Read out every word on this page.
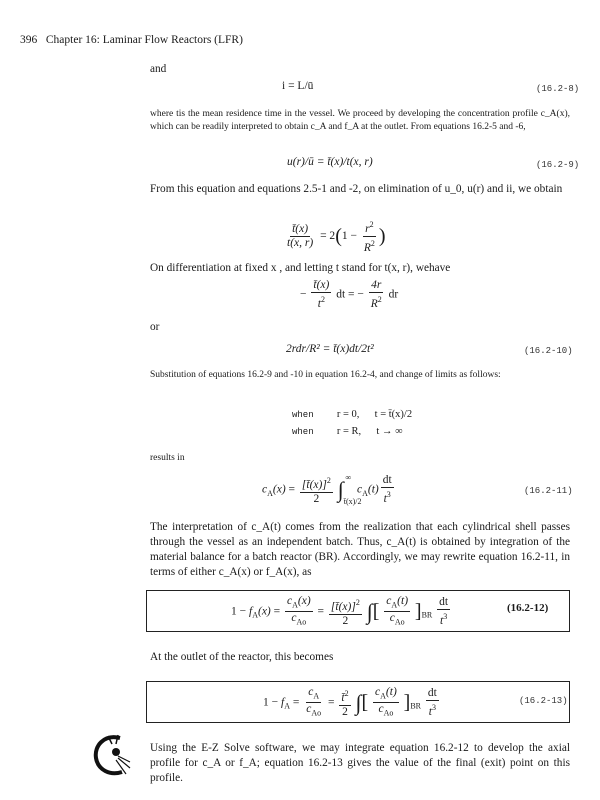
396 Chapter 16: Laminar Flow Reactors (LFR)
and
i = L/ū	(16.2-8)
where tis the mean residence time in the vessel. We proceed by developing the concentration profile c_A(x), which can be readily interpreted to obtain c_A and f_A at the outlet. From equations 16.2-5 and -6,
u(r)/ū = t̄(x)/t(x, r)	(16.2-9)
From this equation and equations 2.5-1 and -2, on elimination of u_0, u(r) and ii, we obtain
$\frac{t̄(x)}{t(x, r)} = 2(1 - \frac{r^2}{R^2}$ )
On differentiation at fixed x , and letting t stand for t(x, r), wehave
− $\frac{t̄(x)}{t^2}$ dt = − $\frac{4r}{R^2}$ dr
or
2rdr/R² = t̄(x)dt/2t²	(16.2-10)
Substitution of equations 16.2-9 and -10 in equation 16.2-4, and change of limits as follows:
when r = 0, t = t̄(x)/2
when r = R, t → ∞
results in
$c_A(x) = \frac{[t̄(x)]^2}{2} \int_{t̄(x)/2}^\infty$  $c_A(t) \frac{dt}{t^3}$	(16.2-11)
The interpretation of c_A(t) comes from the realization that each cylindrical shell passes through the vessel as an independent batch. Thus, c_A(t) is obtained by integration of the material balance for a batch reactor (BR). Accordingly, we may rewrite equation 16.2-11, in terms of either c_A(x) or f_A(x), as
$1 - f_A(x) = \frac{c_A(x)}{c_{Ao}} = \frac{[t̄(x)]^2}{2}$ ∫[ $\frac{c_A(t)}{c_{Ao}} ]_{BR} \frac{dt}{t^3}$	(16.2-12)
At the outlet of the reactor, this becomes
$1 - f_A = \frac{c_A}{c_{Ao}} = \frac{t̄^2}{2}$ ∫[ $\frac{c_A(t)}{c_{Ao}} ]_{BR} \frac{dt}{t^3}$	(16.2-13)
Using the E-Z Solve software, we may integrate equation 16.2-12 to develop the axial profile for c_A or f_A; equation 16.2-13 gives the value of the final (exit) point on this profile.
